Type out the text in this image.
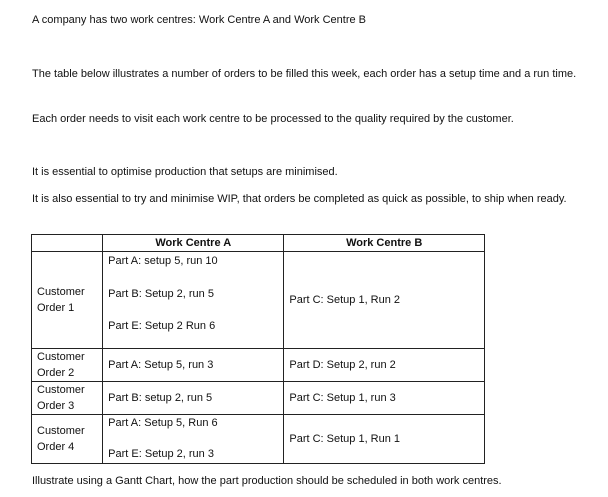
A company has two work centres: Work Centre A and Work Centre B

The table below illustrates a number of orders to be filled this week, each order has a setup time and a run time.

Each order needs to visit each work centre to be processed to the quality required by the customer.

It is essential to optimise production that setups are minimised.

It is also essential to try and minimise WIP, that orders be completed as quick as possible, to ship when ready.

	Work Centre A	Work Centre B

Customer
Order 1	Part A: setup 5, run 10
Part B: Setup 2, run 5
Part E: Setup 2 Run 6	Part C: Setup 1, Run 2

Customer
Order 2	Part A: Setup 5, run 3	Part D: Setup 2, run 2

Customer
Order 3	Part B: setup 2, run 5	Part C: Setup 1, run 3

Customer
Order 4	Part A: Setup 5, Run 6
Part E: Setup 2, run 3	Part C: Setup 1, Run 1

Illustrate using a Gantt Chart, how the part production should be scheduled in both work centres.
